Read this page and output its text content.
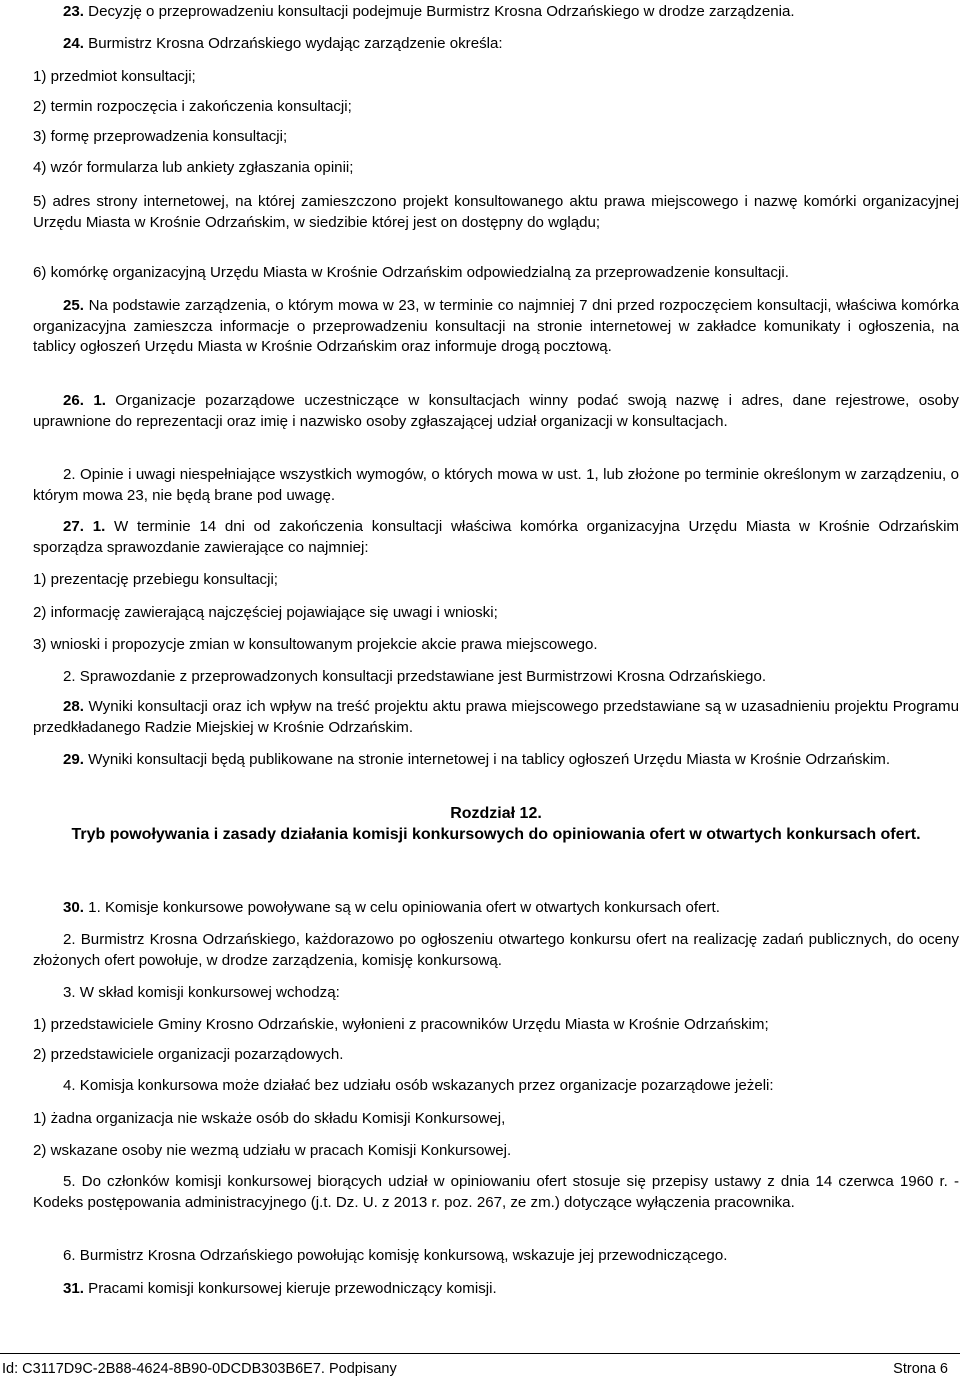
23. Decyzję o przeprowadzeniu konsultacji podejmuje Burmistrz Krosna Odrzańskiego w drodze zarządzenia.

24. Burmistrz Krosna Odrzańskiego wydając zarządzenie określa:

1) przedmiot konsultacji;

2) termin rozpoczęcia i zakończenia konsultacji;

3) formę przeprowadzenia konsultacji;

4) wzór formularza lub ankiety zgłaszania opinii;

5) adres strony internetowej, na której zamieszczono projekt konsultowanego aktu prawa miejscowego i nazwę komórki organizacyjnej Urzędu Miasta w Krośnie Odrzańskim, w siedzibie której jest on dostępny do wglądu;

6) komórkę organizacyjną Urzędu Miasta w Krośnie Odrzańskim odpowiedzialną za przeprowadzenie konsultacji.

25. Na podstawie zarządzenia, o którym mowa w 23, w terminie co najmniej 7 dni przed rozpoczęciem konsultacji, właściwa komórka organizacyjna zamieszcza informacje o przeprowadzeniu konsultacji na stronie internetowej w zakładce komunikaty i ogłoszenia, na tablicy ogłoszeń Urzędu Miasta w Krośnie Odrzańskim oraz informuje drogą pocztową.

26. 1. Organizacje pozarządowe uczestniczące w konsultacjach winny podać swoją nazwę i adres, dane rejestrowe, osoby uprawnione do reprezentacji oraz imię i nazwisko osoby zgłaszającej udział organizacji w konsultacjach.

2. Opinie i uwagi niespełniające wszystkich wymogów, o których mowa w ust. 1, lub złożone po terminie określonym w zarządzeniu, o którym mowa 23, nie będą brane pod uwagę.

27. 1. W terminie 14 dni od zakończenia konsultacji właściwa komórka organizacyjna Urzędu Miasta w Krośnie Odrzańskim sporządza sprawozdanie zawierające co najmniej:

1) prezentację przebiegu konsultacji;

2) informację zawierającą najczęściej pojawiające się uwagi i wnioski;

3) wnioski i propozycje zmian w konsultowanym projekcie akcie prawa miejscowego.

2. Sprawozdanie z przeprowadzonych konsultacji przedstawiane jest Burmistrzowi Krosna Odrzańskiego.

28. Wyniki konsultacji oraz ich wpływ na treść projektu aktu prawa miejscowego przedstawiane są w uzasadnieniu projektu Programu przedkładanego Radzie Miejskiej w Krośnie Odrzańskim.

29. Wyniki konsultacji będą publikowane na stronie internetowej i na tablicy ogłoszeń Urzędu Miasta w Krośnie Odrzańskim.

Rozdział 12.

Tryb powoływania i zasady działania komisji konkursowych do opiniowania ofert w otwartych konkursach ofert.

30. 1. Komisje konkursowe powoływane są w celu opiniowania ofert w otwartych konkursach ofert.

2. Burmistrz Krosna Odrzańskiego, każdorazowo po ogłoszeniu otwartego konkursu ofert na realizację zadań publicznych, do oceny złożonych ofert powołuje, w drodze zarządzenia, komisję konkursową.

3. W skład komisji konkursowej wchodzą:

1) przedstawiciele Gminy Krosno Odrzańskie, wyłonieni z pracowników Urzędu Miasta w Krośnie Odrzańskim;

2) przedstawiciele organizacji pozarządowych.

4. Komisja konkursowa może działać bez udziału osób wskazanych przez organizacje pozarządowe jeżeli:

1) żadna organizacja nie wskaże osób do składu Komisji Konkursowej,

2) wskazane osoby nie wezmą udziału w pracach Komisji Konkursowej.

5. Do członków komisji konkursowej biorących udział w opiniowaniu ofert stosuje się przepisy ustawy z dnia 14 czerwca 1960 r. - Kodeks postępowania administracyjnego (j.t. Dz. U. z 2013 r. poz. 267, ze zm.) dotyczące wyłączenia pracownika.

6. Burmistrz Krosna Odrzańskiego powołując komisję konkursową, wskazuje jej przewodniczącego.

31. Pracami komisji konkursowej kieruje przewodniczący komisji.

Id: C3117D9C-2B88-4624-8B90-0DCDB303B6E7. Podpisany	Strona 6
